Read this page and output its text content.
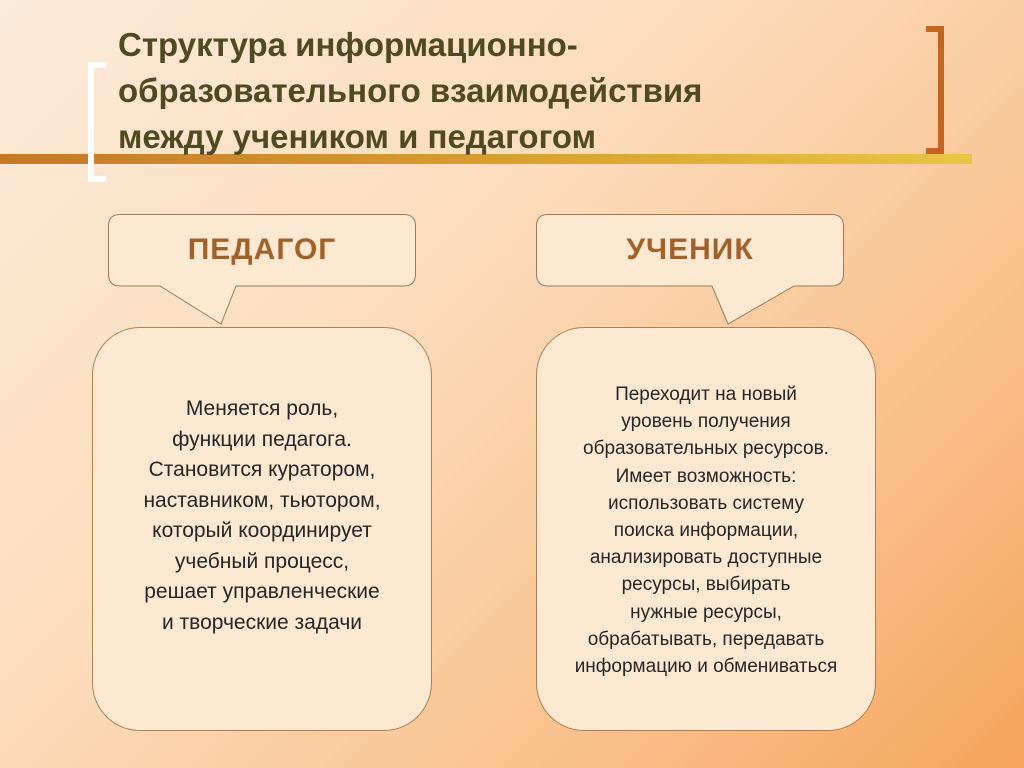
Структура информационно-
образовательного взаимодействия
между учеником и педагогом
ПЕДАГОГ	УЧЕНИК
Меняется роль,
функции педагога.
Становится куратором,
наставником, тьютором,
который координирует
учебный процесс,
решает управленческие
и творческие задачи
Переходит на новый
уровень получения
образовательных ресурсов.
Имеет возможность:
использовать систему
поиска информации,
анализировать доступные
ресурсы, выбирать
нужные ресурсы,
обрабатывать, передавать
информацию и обмениваться
